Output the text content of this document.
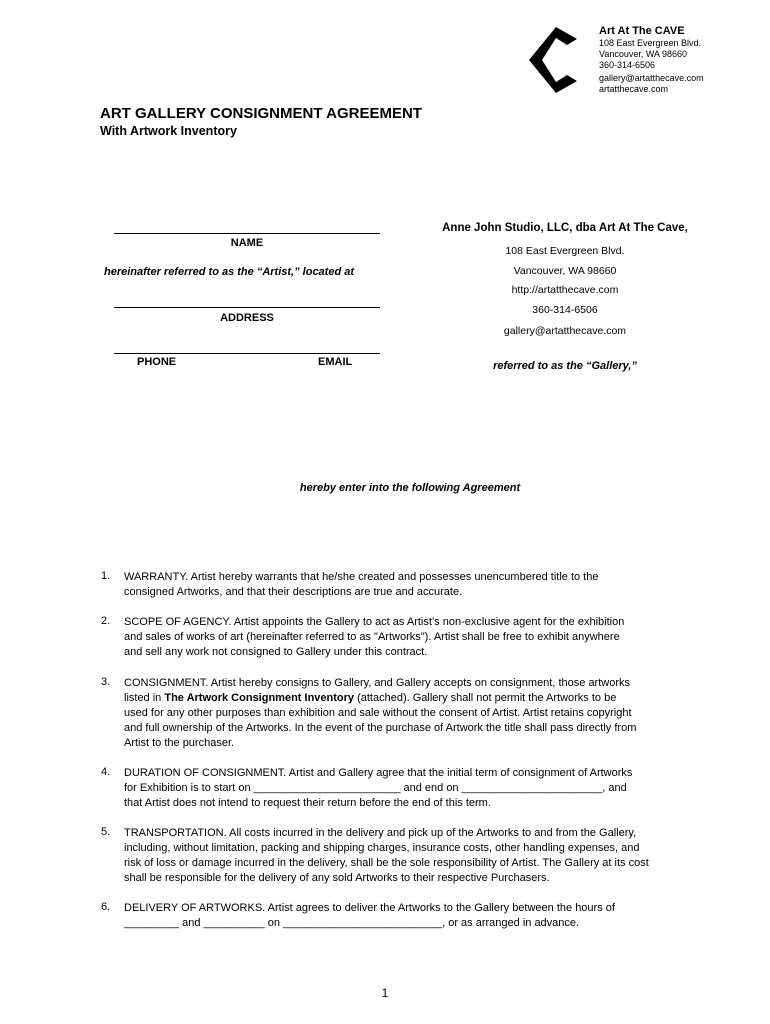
Art At The CAVE
108 East Evergreen Blvd.
Vancouver, WA 98660
360-314-6506
gallery@artatthecave.com
artatthecave.com
ART GALLERY CONSIGNMENT AGREEMENT
With Artwork Inventory
NAME
hereinafter referred to as the “Artist,” located at
ADDRESS
PHONE	EMAIL
Anne John Studio, LLC, dba Art At The Cave,
108 East Evergreen Blvd.
Vancouver, WA 98660
http://artatthecave.com
360-314-6506
gallery@artatthecave.com
referred to as the “Gallery,”
hereby enter into the following Agreement
1. WARRANTY. Artist hereby warrants that he/she created and possesses unencumbered title to the
consigned Artworks, and that their descriptions are true and accurate.
2. SCOPE OF AGENCY. Artist appoints the Gallery to act as Artist’s non-exclusive agent for the exhibition
and sales of works of art (hereinafter referred to as "Artworks"). Artist shall be free to exhibit anywhere
and sell any work not consigned to Gallery under this contract.
3. CONSIGNMENT. Artist hereby consigns to Gallery, and Gallery accepts on consignment, those artworks
listed in The Artwork Consignment Inventory (attached). Gallery shall not permit the Artworks to be
used for any other purposes than exhibition and sale without the consent of Artist. Artist retains copyright
and full ownership of the Artworks. In the event of the purchase of Artwork the title shall pass directly from
Artist to the purchaser.
4. DURATION OF CONSIGNMENT. Artist and Gallery agree that the initial term of consignment of Artworks
for Exhibition is to start on ________________________ and end on _______________________, and
that Artist does not intend to request their return before the end of this term.
5. TRANSPORTATION. All costs incurred in the delivery and pick up of the Artworks to and from the Gallery,
including, without limitation, packing and shipping charges, insurance costs, other handling expenses, and
risk of loss or damage incurred in the delivery, shall be the sole responsibility of Artist. The Gallery at its cost
shall be responsible for the delivery of any sold Artworks to their respective Purchasers.
6. DELIVERY OF ARTWORKS. Artist agrees to deliver the Artworks to the Gallery between the hours of
_________ and __________ on __________________________, or as arranged in advance.
1
